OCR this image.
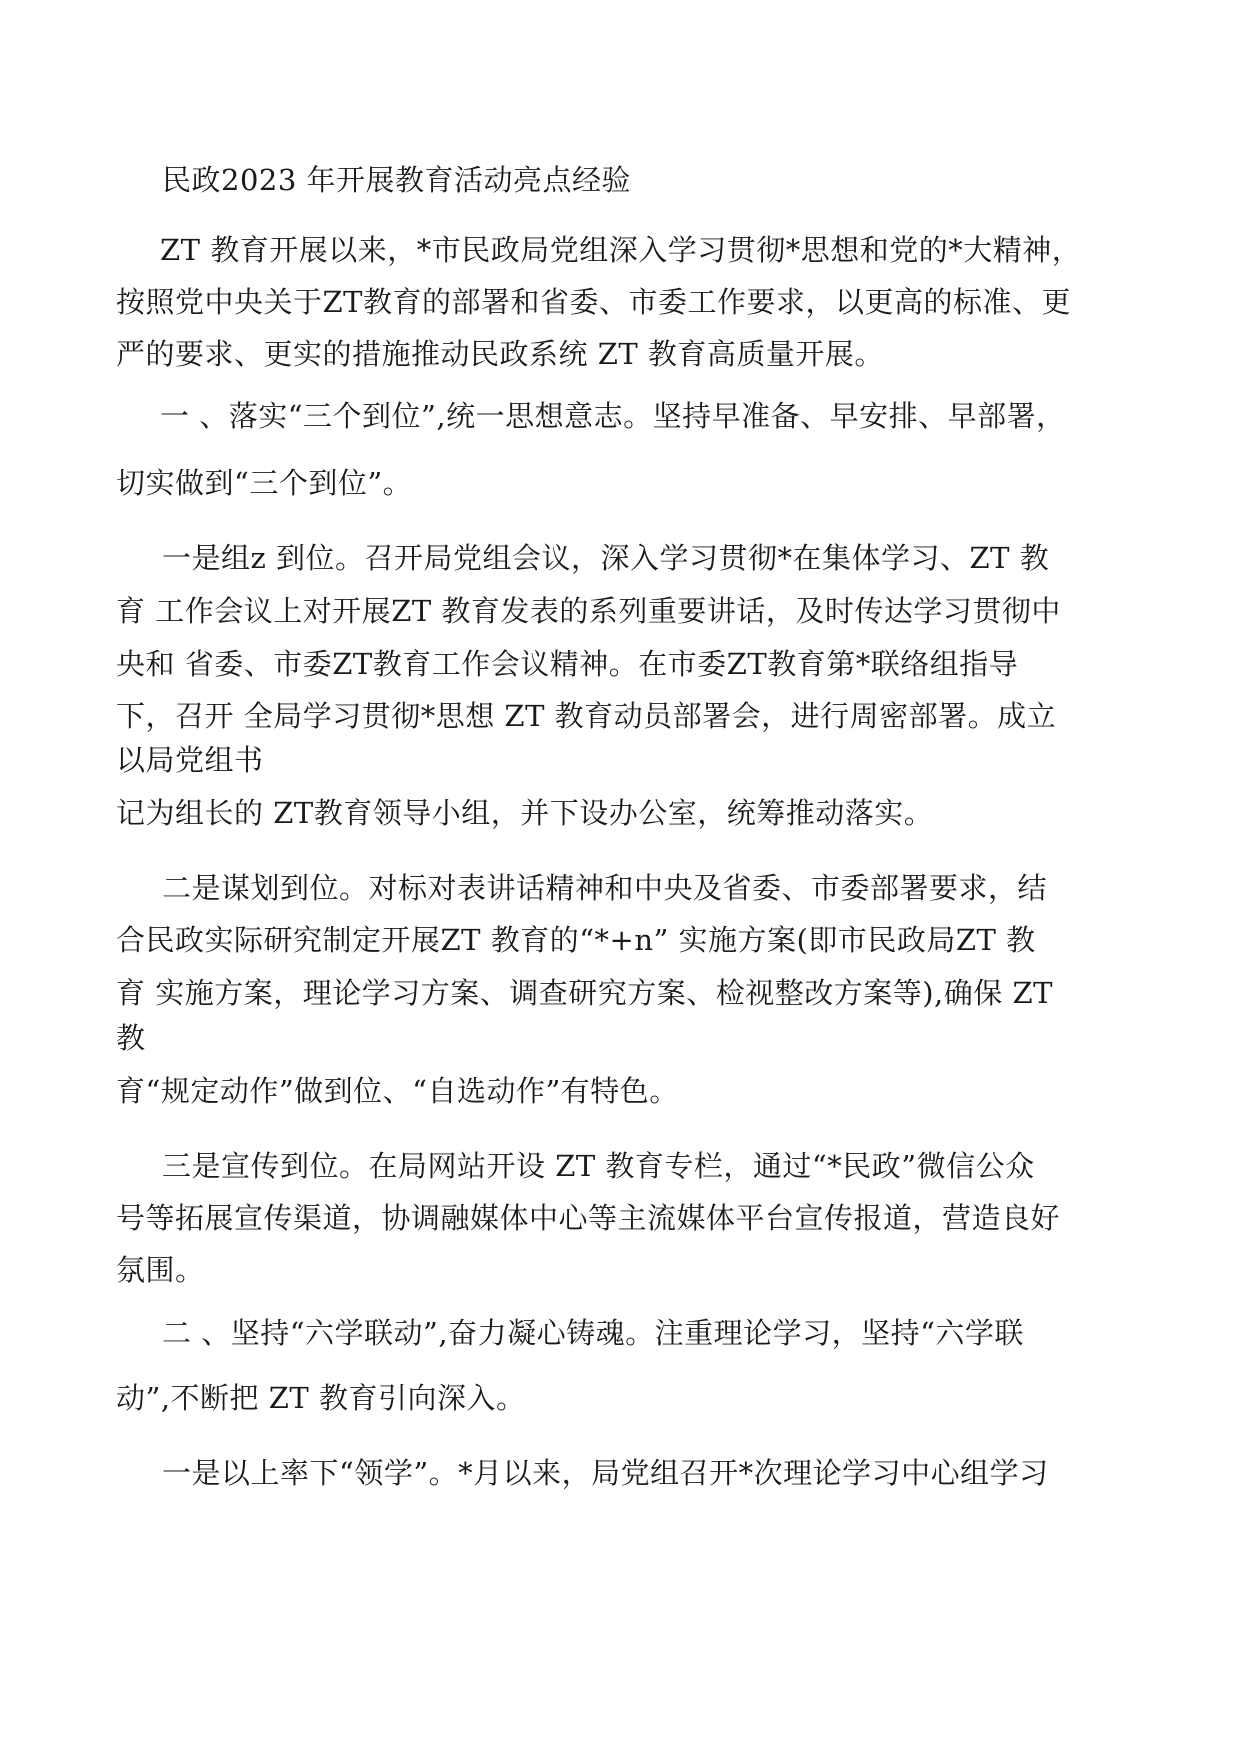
民政2023 年开展教育活动亮点经验
ZT 教育开展以来，*市民政局党组深入学习贯彻*思想和党的*大精神，
按照党中央关于ZT教育的部署和省委、市委工作要求，以更高的标准、更
严的要求、更实的措施推动民政系统 ZT 教育高质量开展。
一 、落实“三个到位”,统一思想意志。坚持早准备、早安排、早部署，
切实做到“三个到位”。
一是组z 到位。召开局党组会议，深入学习贯彻*在集体学习、ZT 教
育 工作会议上对开展ZT 教育发表的系列重要讲话，及时传达学习贯彻中
央和 省委、市委ZT教育工作会议精神。在市委ZT教育第*联络组指导
下，召开 全局学习贯彻*思想 ZT 教育动员部署会，进行周密部署。成立
以局党组书
记为组长的 ZT教育领导小组，并下设办公室，统筹推动落实。
二是谋划到位。对标对表讲话精神和中央及省委、市委部署要求，结
合民政实际研究制定开展ZT 教育的“*+n” 实施方案(即市民政局ZT 教
育 实施方案，理论学习方案、调查研究方案、检视整改方案等),确保 ZT
教
育“规定动作”做到位、“自选动作”有特色。
三是宣传到位。在局网站开设 ZT 教育专栏，通过“*民政”微信公众
号等拓展宣传渠道，协调融媒体中心等主流媒体平台宣传报道，营造良好
氛围。
二 、坚持“六学联动”,奋力凝心铸魂。注重理论学习，坚持“六学联
动”,不断把 ZT 教育引向深入。
一是以上率下“领学”。*月以来，局党组召开*次理论学习中心组学习
